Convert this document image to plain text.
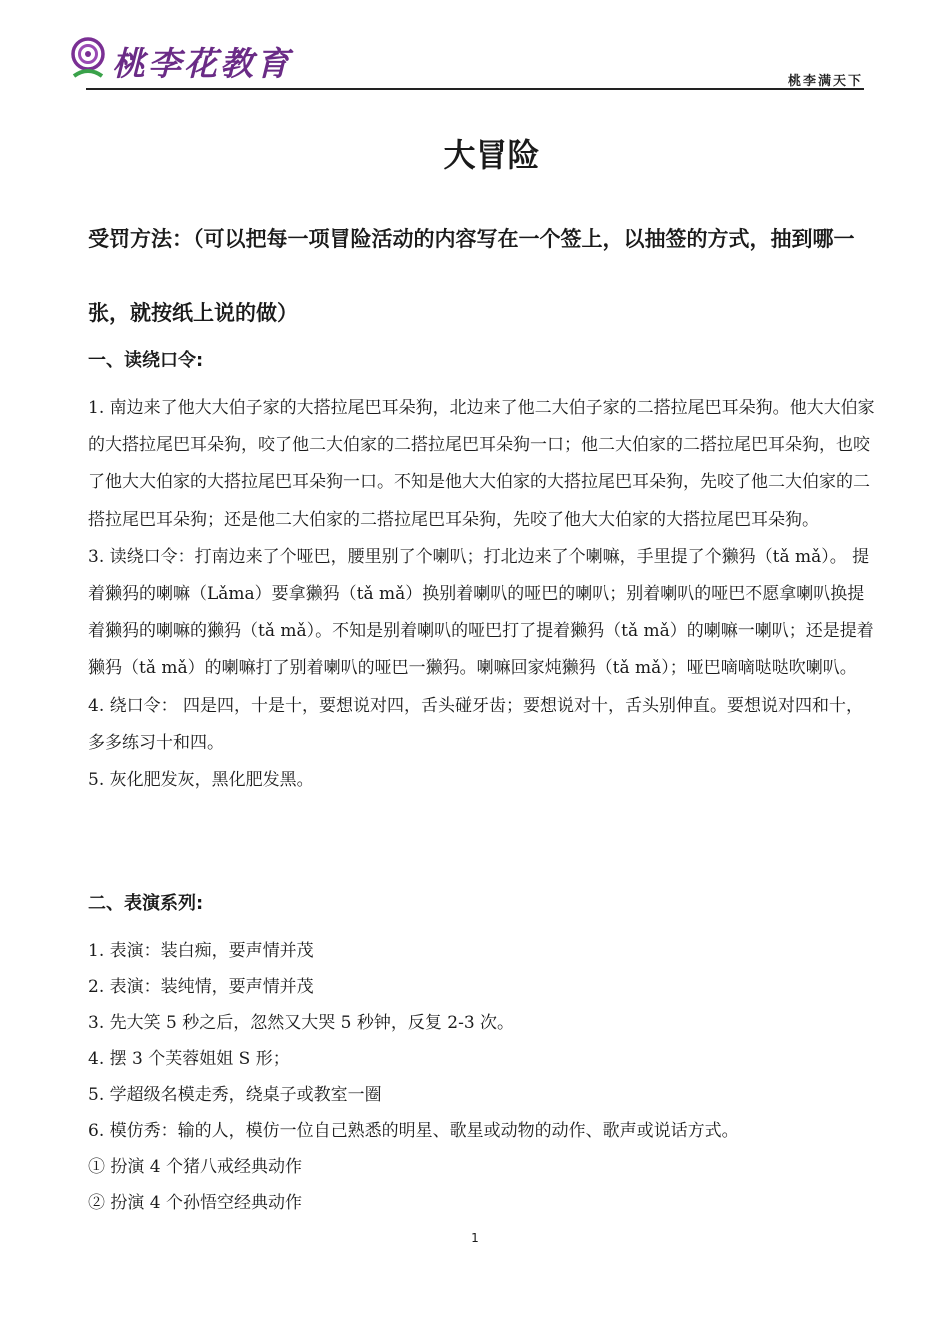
桃李花教育	桃李满天下
大冒险
受罚方法：（可以把每一项冒险活动的内容写在一个签上，以抽签的方式，抽到哪一张，就按纸上说的做）
一、读绕口令:

1. 南边来了他大大伯子家的大搭拉尾巴耳朵狗，北边来了他二大伯子家的二搭拉尾巴耳朵狗。他大大伯家的大搭拉尾巴耳朵狗，咬了他二大伯家的二搭拉尾巴耳朵狗一口；他二大伯家的二搭拉尾巴耳朵狗，也咬了他大大伯家的大搭拉尾巴耳朵狗一口。不知是他大大伯家的大搭拉尾巴耳朵狗，先咬了他二大伯家的二搭拉尾巴耳朵狗；还是他二大伯家的二搭拉尾巴耳朵狗，先咬了他大大伯家的大搭拉尾巴耳朵狗。

3. 读绕口令：打南边来了个哑巴，腰里别了个喇叭；打北边来了个喇嘛，手里提了个獭犸（tǎ mǎ）。 提着獭犸的喇嘛（Lǎma）要拿獭犸（tǎ mǎ）换别着喇叭的哑巴的喇叭；别着喇叭的哑巴不愿拿喇叭换提着獭犸的喇嘛的獭犸（tǎ mǎ）。不知是别着喇叭的哑巴打了提着獭犸（tǎ mǎ）的喇嘛一喇叭；还是提着獭犸（tǎ mǎ）的喇嘛打了别着喇叭的哑巴一獭犸。喇嘛回家炖獭犸（tǎ mǎ）；哑巴嘀嘀哒哒吹喇叭。

4. 绕口令： 四是四，十是十，要想说对四，舌头碰牙齿；要想说对十，舌头别伸直。要想说对四和十，多多练习十和四。

5. 灰化肥发灰，黑化肥发黑。

二、表演系列:
1. 表演：装白痴，要声情并茂
2. 表演：装纯情，要声情并茂
3. 先大笑 5 秒之后，忽然又大哭 5 秒钟，反复 2-3 次。
4. 摆 3 个芙蓉姐姐 S 形；
5. 学超级名模走秀，绕桌子或教室一圈
6. 模仿秀：输的人，模仿一位自己熟悉的明星、歌星或动物的动作、歌声或说话方式。
① 扮演 4 个猪八戒经典动作
② 扮演 4 个孙悟空经典动作
1
